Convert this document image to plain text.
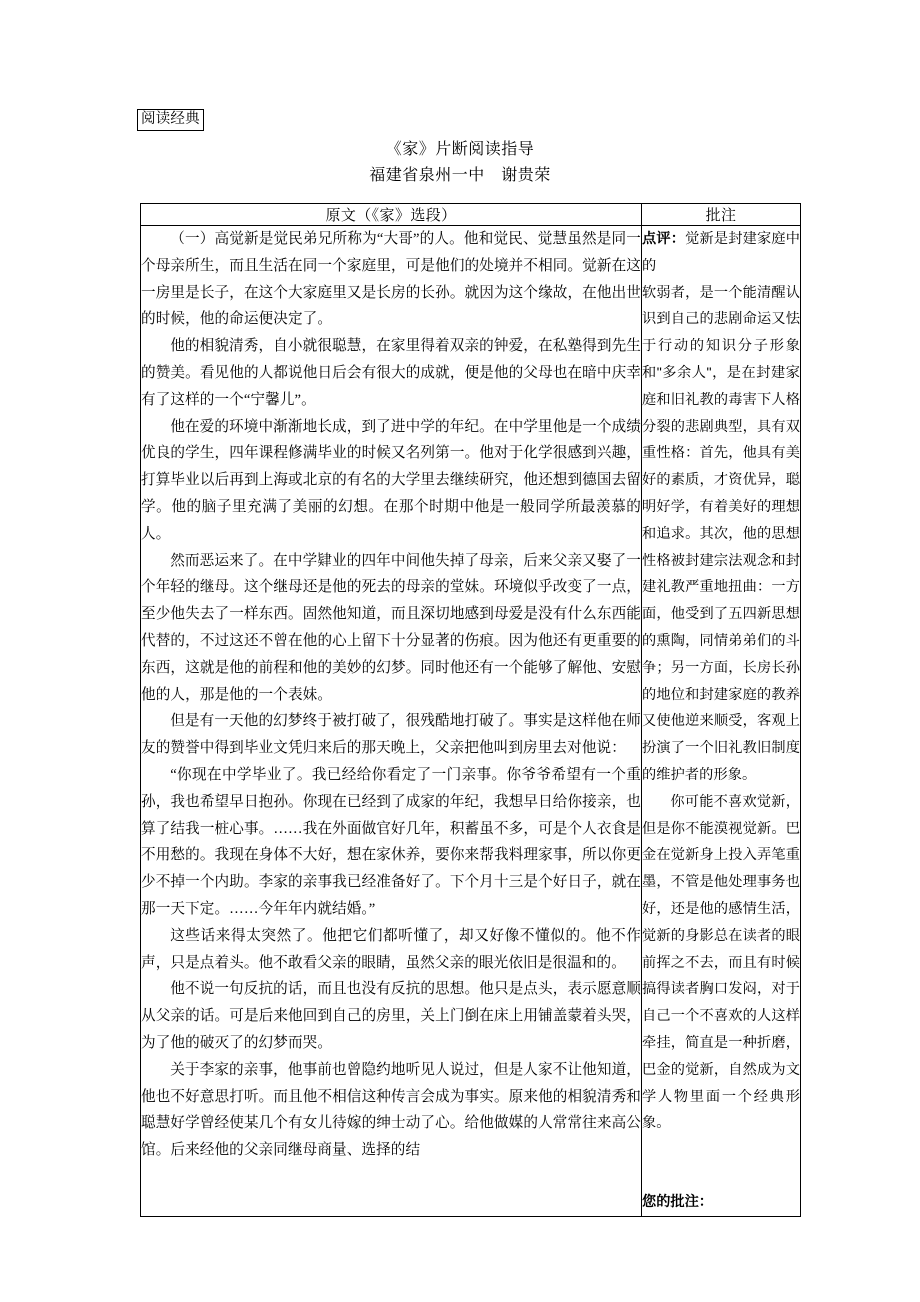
阅读经典
《家》片断阅读指导
福建省泉州一中　谢贵荣
原文（《家》选段）	批注

（一）高觉新是觉民弟兄所称为“大哥”的人。他和觉民、觉慧虽然是同一个母亲所生，而且生活在同一个家庭里，可是他们的处境并不相同。觉新在这一房里是长子，在这个大家庭里又是长房的长孙。就因为这个缘故，在他出世的时候，他的命运便决定了。

他的相貌清秀，自小就很聪慧，在家里得着双亲的钟爱，在私塾得到先生的赞美。看见他的人都说他日后会有很大的成就，便是他的父母也在暗中庆幸有了这样的一个“宁馨儿”。

他在爱的环境中渐渐地长成，到了进中学的年纪。在中学里他是一个成绩优良的学生，四年课程修满毕业的时候又名列第一。他对于化学很感到兴趣，打算毕业以后再到上海或北京的有名的大学里去继续研究，他还想到德国去留学。他的脑子里充满了美丽的幻想。在那个时期中他是一般同学所最羡慕的人。

然而恶运来了。在中学肄业的四年中间他失掉了母亲，后来父亲又娶了一个年轻的继母。这个继母还是他的死去的母亲的堂妹。环境似乎改变了一点，至少他失去了一样东西。固然他知道，而且深切地感到母爱是没有什么东西能代替的，不过这还不曾在他的心上留下十分显著的伤痕。因为他还有更重要的东西，这就是他的前程和他的美妙的幻梦。同时他还有一个能够了解他、安慰他的人，那是他的一个表妹。

但是有一天他的幻梦终于被打破了，很残酷地打破了。事实是这样他在师友的赞誉中得到毕业文凭归来后的那天晚上，父亲把他叫到房里去对他说：

“你现在中学毕业了。我已经给你看定了一门亲事。你爷爷希望有一个重孙，我也希望早日抱孙。你现在已经到了成家的年纪，我想早日给你接亲，也算了结我一桩心事。……我在外面做官好几年，积蓄虽不多，可是个人衣食是不用愁的。我现在身体不大好，想在家休养，要你来帮我料理家事，所以你更少不掉一个内助。李家的亲事我已经准备好了。下个月十三是个好日子，就在那一天下定。……今年年内就结婚。”

这些话来得太突然了。他把它们都听懂了，却又好像不懂似的。他不作声，只是点着头。他不敢看父亲的眼睛，虽然父亲的眼光依旧是很温和的。

他不说一句反抗的话，而且也没有反抗的思想。他只是点头，表示愿意顺从父亲的话。可是后来他回到自己的房里，关上门倒在床上用铺盖蒙着头哭，为了他的破灭了的幻梦而哭。

关于李家的亲事，他事前也曾隐约地听见人说过，但是人家不让他知道，他也不好意思打听。而且他不相信这种传言会成为事实。原来他的相貌清秀和聪慧好学曾经使某几个有女儿待嫁的绅士动了心。给他做媒的人常常往来高公馆。后来经他的父亲同继母商量、选择的结

点评：觉新是封建家庭中的

软弱者，是一个能清醒认识到自己的悲剧命运又怯于行动的知识分子形象和"多余人"，是在封建家庭和旧礼教的毒害下人格分裂的悲剧典型，具有双重性格：首先，他具有美好的素质，才资优异，聪明好学，有着美好的理想和追求。其次，他的思想性格被封建宗法观念和封建礼教严重地扭曲：一方面，他受到了五四新思想的熏陶，同情弟弟们的斗争；另一方面，长房长孙的地位和封建家庭的教养又使他逆来顺受，客观上扮演了一个旧礼教旧制度的维护者的形象。

你可能不喜欢觉新，但是你不能漠视觉新。巴金在觉新身上投入弄笔重墨，不管是他处理事务也好，还是他的感情生活，觉新的身影总在读者的眼前挥之不去，而且有时候搞得读者胸口发闷，对于自己一个不喜欢的人这样牵挂，简直是一种折磨，巴金的觉新，自然成为文学人物里面一个经典形象。

您的批注：
